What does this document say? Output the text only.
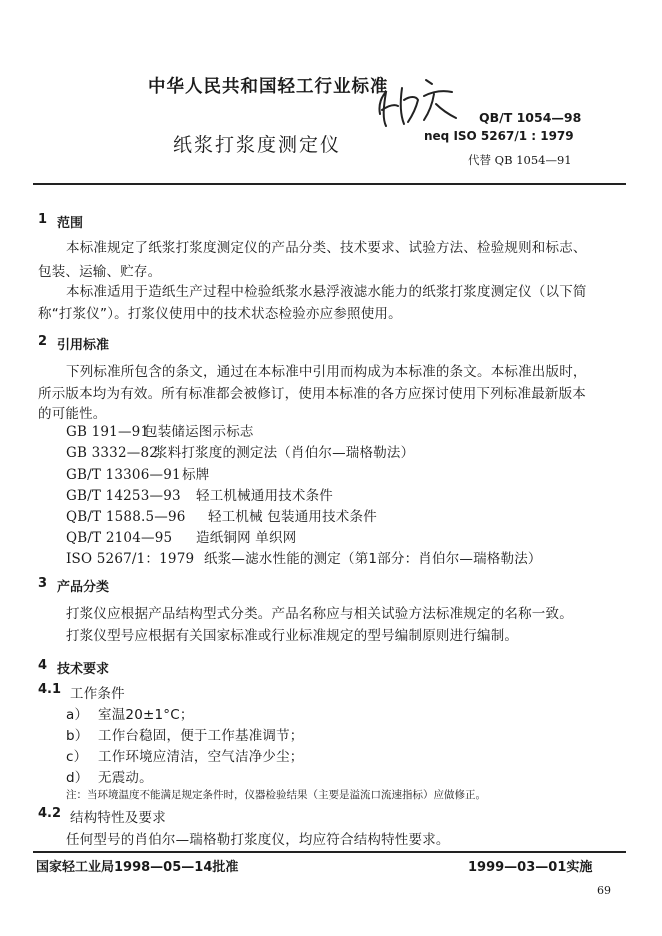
中华人民共和国轻工行业标准
QB/T 1054—98
neq ISO 5267/1 : 1979
纸浆打浆度测定仪
代替 QB 1054—91
1 范围
本标准规定了纸浆打浆度测定仪的产品分类、技术要求、试验方法、检验规则和标志、
包装、运输、贮存。
本标准适用于造纸生产过程中检验纸浆水悬浮液滤水能力的纸浆打浆度测定仪（以下简
称“打浆仪”）。打浆仪使用中的技术状态检验亦应参照使用。
2 引用标准
下列标准所包含的条文，通过在本标准中引用而构成为本标准的条文。本标准出版时，
所示版本均为有效。所有标准都会被修订，使用本标准的各方应探讨使用下列标准最新版本
的可能性。
GB 191—91包装储运图示标志
GB 3332—82浆料打浆度的测定法（肖伯尔—瑞格勒法）
GB/T 13306—91标牌
GB/T 14253—93 轻工机械通用技术条件
QB/T 1588.5—96 轻工机械 包装通用技术条件
QB/T 2104—95 造纸铜网 单织网
ISO 5267/1：1979 纸浆—滤水性能的测定（第1部分：肖伯尔—瑞格勒法）
3 产品分类
打浆仪应根据产品结构型式分类。产品名称应与相关试验方法标准规定的名称一致。
打浆仪型号应根据有关国家标准或行业标准规定的型号编制原则进行编制。
4 技术要求
4.1 工作条件
a） 室温20±1°C；
b） 工作台稳固，便于工作基准调节；
c） 工作环境应清洁，空气洁净少尘；
d） 无震动。
注：当环境温度不能满足规定条件时，仪器检验结果（主要是溢流口流速指标）应做修正。
4.2 结构特性及要求
任何型号的肖伯尔—瑞格勒打浆度仪，均应符合结构特性要求。
国家轻工业局1998—05—14批准	1999—03—01实施
69
